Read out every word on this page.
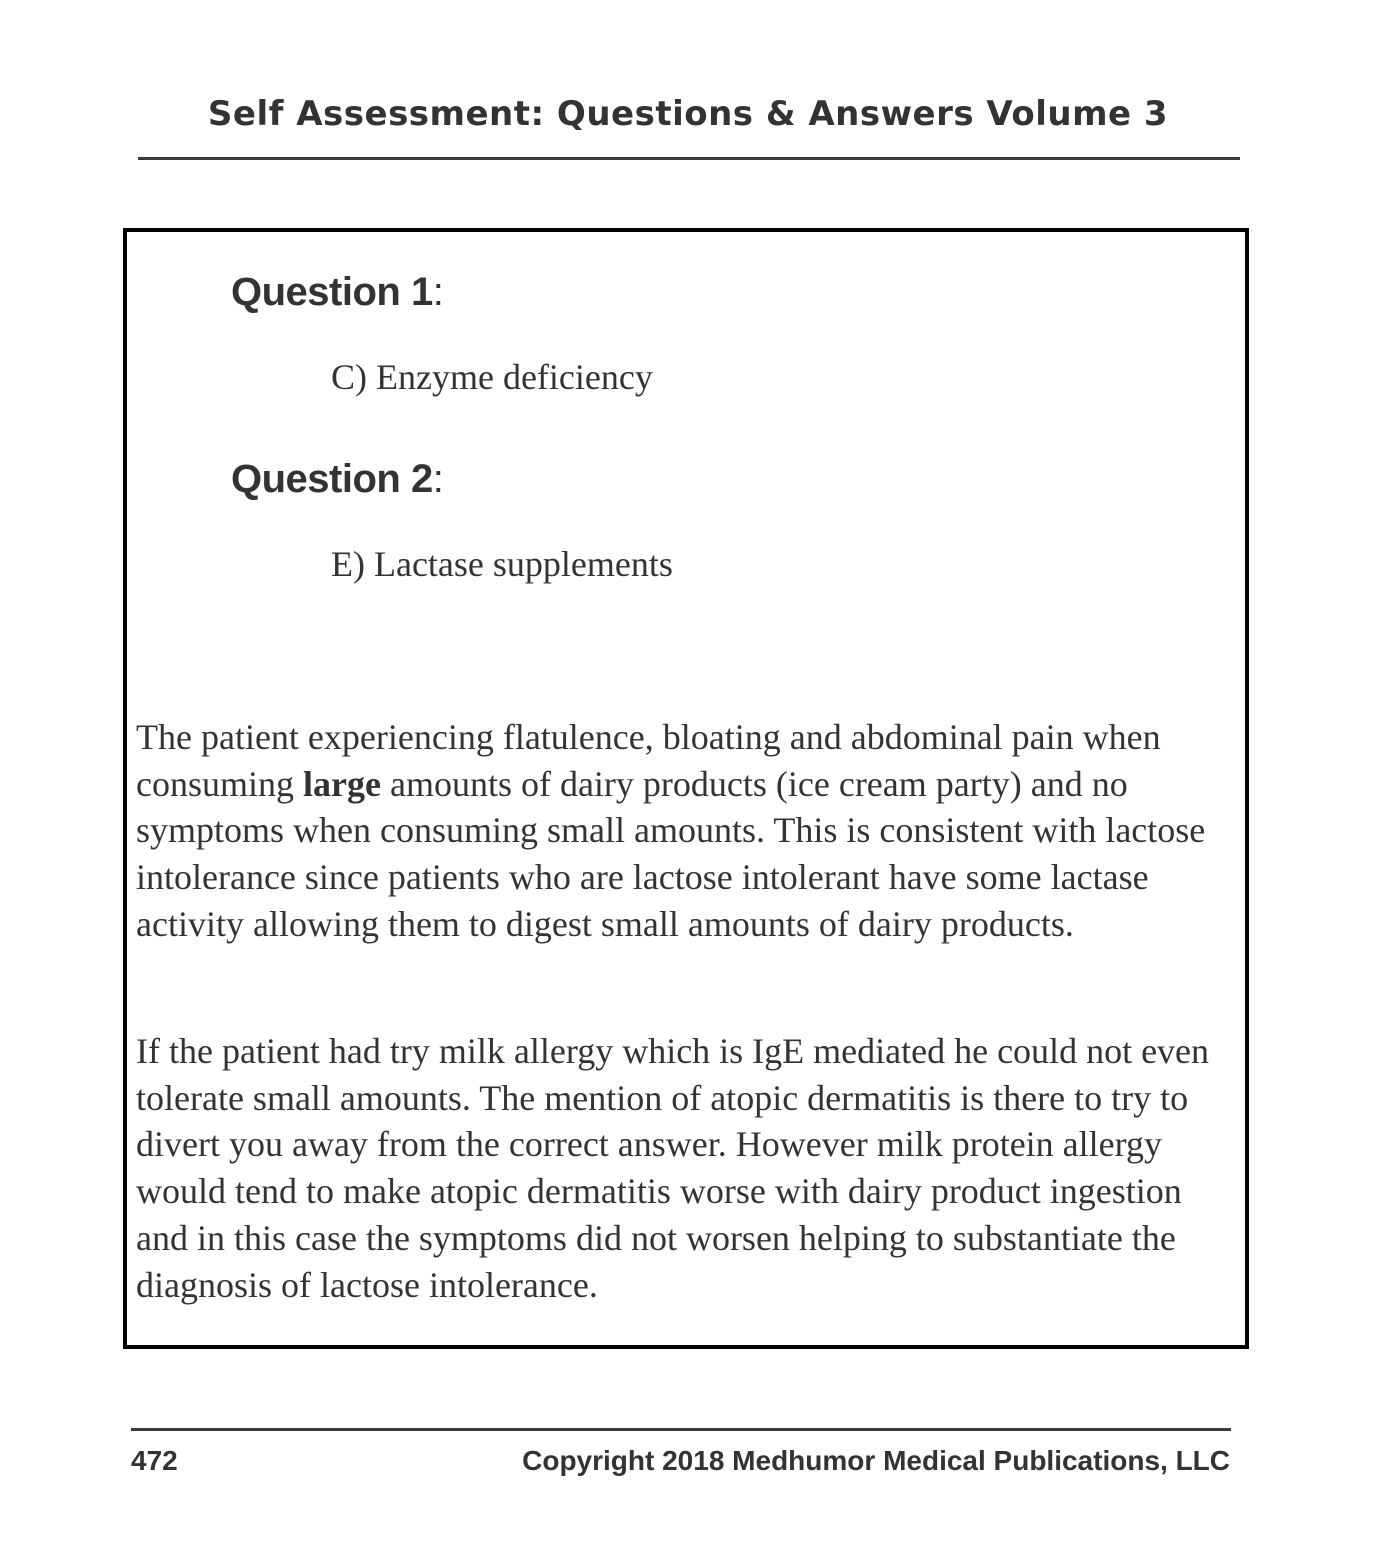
Self Assessment: Questions & Answers Volume 3
Question 1:
C) Enzyme deficiency
Question 2:
E) Lactase supplements

The patient experiencing flatulence, bloating and abdominal pain when consuming large amounts of dairy products (ice cream party) and no symptoms when consuming small amounts. This is consistent with lactose intolerance since patients who are lactose intolerant have some lactase activity allowing them to digest small amounts of dairy products.

If the patient had try milk allergy which is IgE mediated he could not even tolerate small amounts. The mention of atopic dermatitis is there to try to divert you away from the correct answer. However milk protein allergy would tend to make atopic dermatitis worse with dairy product ingestion and in this case the symptoms did not worsen helping to substantiate the diagnosis of lactose intolerance.

472	Copyright 2018 Medhumor Medical Publications, LLC
